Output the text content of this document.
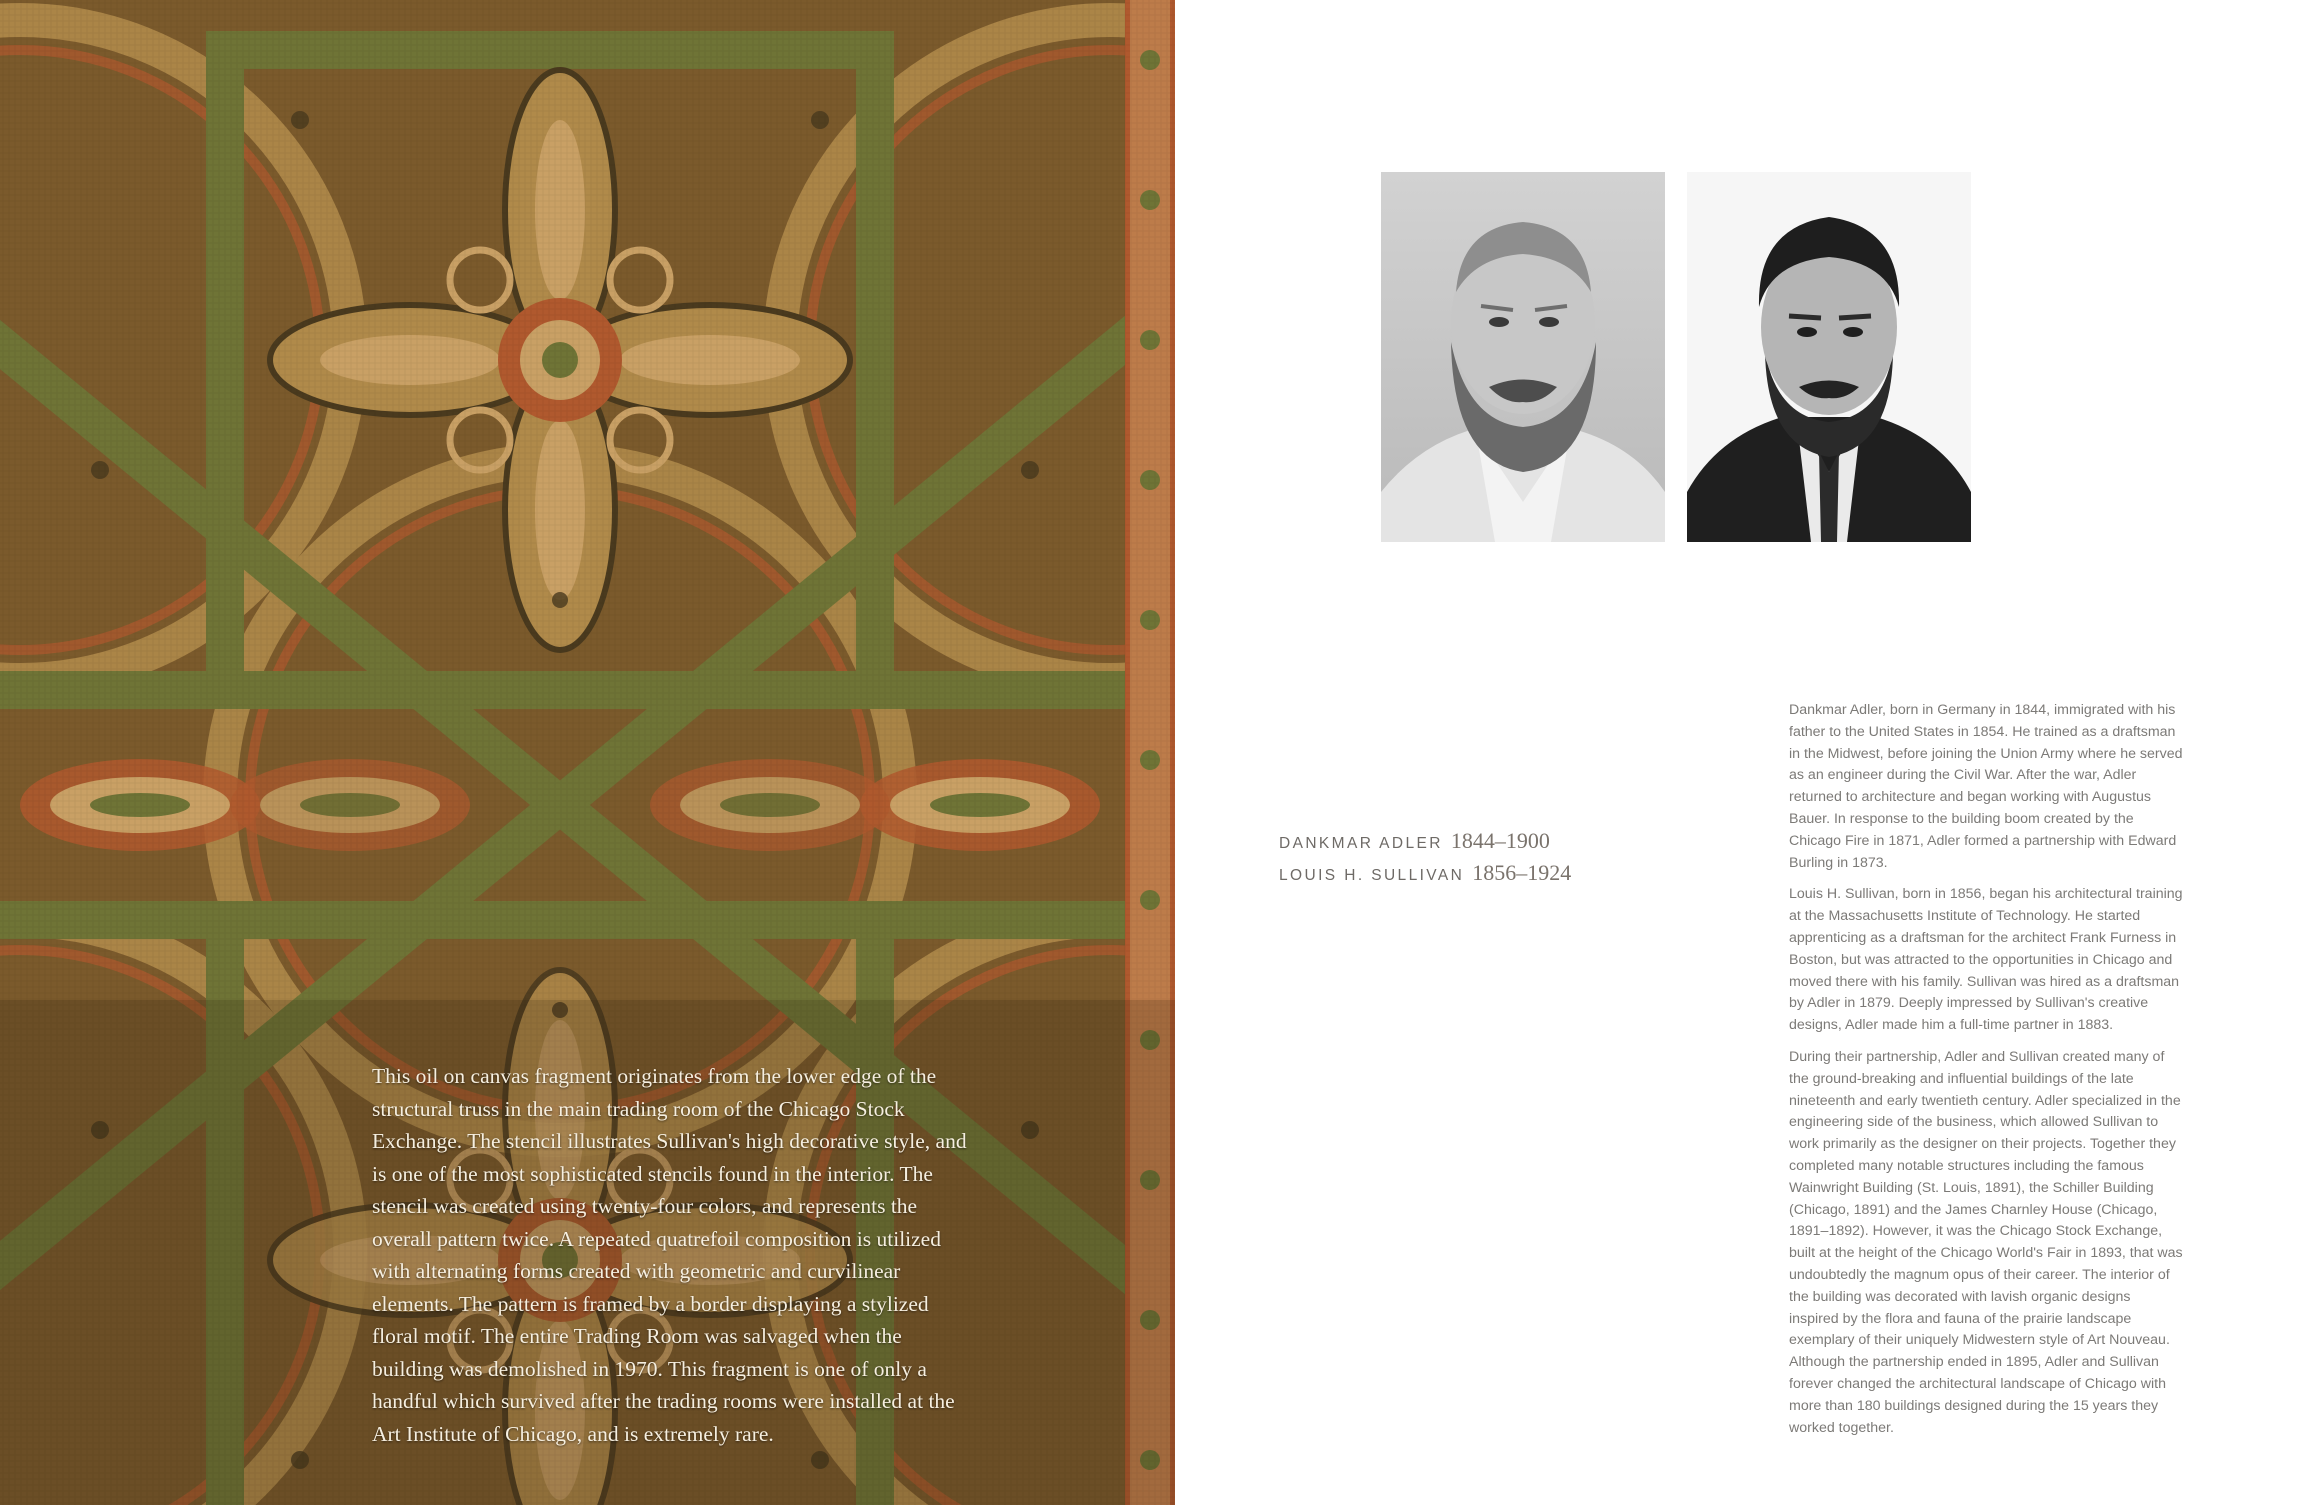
This oil on canvas fragment originates from the lower edge of the structural truss in the main trading room of the Chicago Stock Exchange. The stencil illustrates Sullivan's high decorative style, and is one of the most sophisticated stencils found in the interior. The stencil was created using twenty-four colors, and represents the overall pattern twice. A repeated quatrefoil composition is utilized with alternating forms created with geometric and curvilinear elements. The pattern is framed by a border displaying a stylized floral motif. The entire Trading Room was salvaged when the building was demolished in 1970. This fragment is one of only a handful which survived after the trading rooms were installed at the Art Institute of Chicago, and is extremely rare.

DANKMAR ADLER 1844–1900
LOUIS H. SULLIVAN 1856–1924

Dankmar Adler, born in Germany in 1844, immigrated with his father to the United States in 1854. He trained as a draftsman in the Midwest, before joining the Union Army where he served as an engineer during the Civil War. After the war, Adler returned to architecture and began working with Augustus Bauer. In response to the building boom created by the Chicago Fire in 1871, Adler formed a partnership with Edward Burling in 1873.

Louis H. Sullivan, born in 1856, began his architectural training at the Massachusetts Institute of Technology. He started apprenticing as a draftsman for the architect Frank Furness in Boston, but was attracted to the opportunities in Chicago and moved there with his family. Sullivan was hired as a draftsman by Adler in 1879. Deeply impressed by Sullivan's creative designs, Adler made him a full-time partner in 1883.

During their partnership, Adler and Sullivan created many of the ground-breaking and influential buildings of the late nineteenth and early twentieth century. Adler specialized in the engineering side of the business, which allowed Sullivan to work primarily as the designer on their projects. Together they completed many notable structures including the famous Wainwright Building (St. Louis, 1891), the Schiller Building (Chicago, 1891) and the James Charnley House (Chicago, 1891–1892). However, it was the Chicago Stock Exchange, built at the height of the Chicago World's Fair in 1893, that was undoubtedly the magnum opus of their career. The interior of the building was decorated with lavish organic designs inspired by the flora and fauna of the prairie landscape exemplary of their uniquely Midwestern style of Art Nouveau. Although the partnership ended in 1895, Adler and Sullivan forever changed the architectural landscape of Chicago with more than 180 buildings designed during the 15 years they worked together.
